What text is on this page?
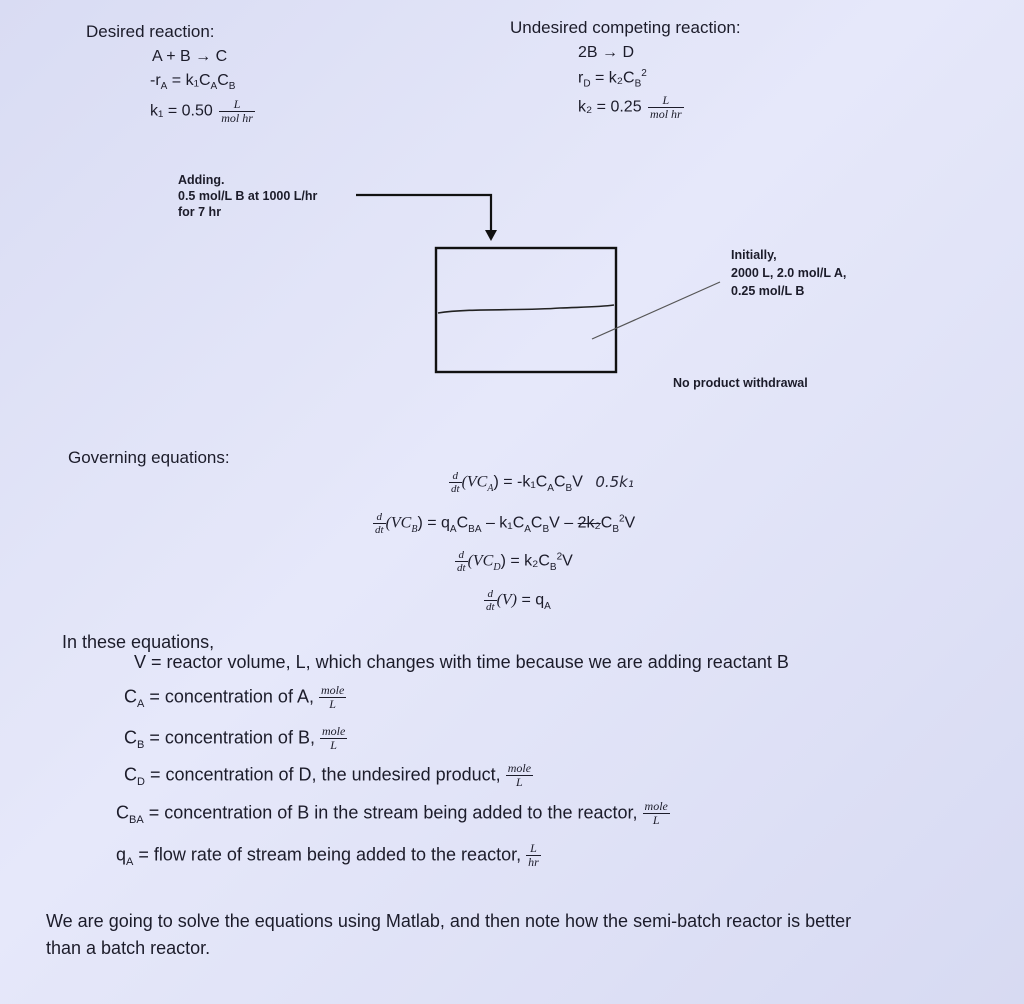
Desired reaction:
A + B → C
$-r_A = k_1C_AC_B$
$k_1 = 0.50 \frac{L}{\text{mol hr}}$
Undesired competing reaction:
2B → D
$r_D = k_2C_B^2$
$k_2 = 0.25 \frac{L}{\text{mol hr}}$
Adding.
0.5 mol/L B at 1000 L/hr
for 7 hr
Initially,
2000 L, 2.0 mol/L A,
0.25 mol/L B
No product withdrawal
Governing equations:
$\frac{d}{dt} (VC_A) = -k_1C_AC_BV$ 0.5k₁
$\frac{d}{dt} (VC_B) = q_AC_{BA} - k_1C_AC_BV - 2k_2C_B^2V$
$\frac{d}{dt} (VC_D) = k_2C_B^2V$
$\frac{d}{dt} (V) = q_A$
In these equations,
V = reactor volume, L, which changes with time because we are adding reactant B
$C_A$ = concentration of A, $\frac{\text{mole}}{L}$
$C_B$ = concentration of B, $\frac{\text{mole}}{L}$
$C_D$ = concentration of D, the undesired product, $\frac{\text{mole}}{L}$
$C_{BA}$ = concentration of B in the stream being added to the reactor, $\frac{\text{mole}}{L}$
$q_A$ = flow rate of stream being added to the reactor, $\frac{L}{hr}$
We are going to solve the equations using Matlab, and then note how the semi-batch reactor is better
than a batch reactor.
